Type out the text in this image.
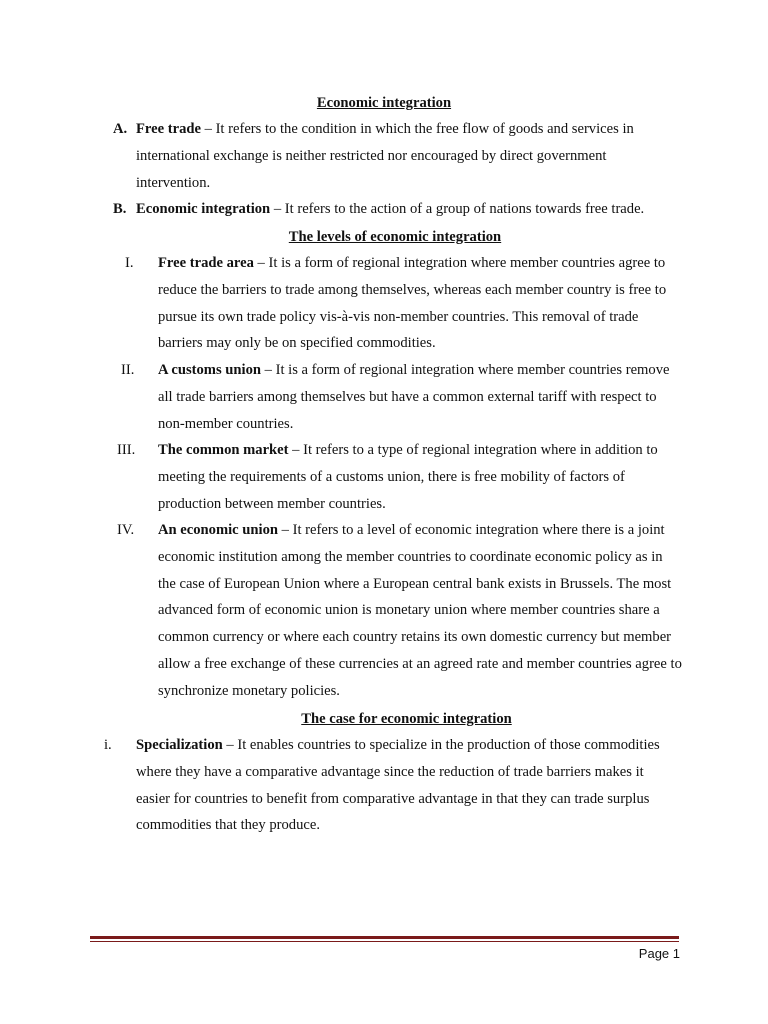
Economic integration
A. Free trade – It refers to the condition in which the free flow of goods and services in international exchange is neither restricted nor encouraged by direct government intervention.

B. Economic integration – It refers to the action of a group of nations towards free trade.

The levels of economic integration
I. Free trade area – It is a form of regional integration where member countries agree to reduce the barriers to trade among themselves, whereas each member country is free to pursue its own trade policy vis-à-vis non-member countries. This removal of trade barriers may only be on specified commodities.

II. A customs union – It is a form of regional integration where member countries remove all trade barriers among themselves but have a common external tariff with respect to non-member countries.

III. The common market – It refers to a type of regional integration where in addition to meeting the requirements of a customs union, there is free mobility of factors of production between member countries.

IV. An economic union – It refers to a level of economic integration where there is a joint economic institution among the member countries to coordinate economic policy as in the case of European Union where a European central bank exists in Brussels. The most advanced form of economic union is monetary union where member countries share a common currency or where each country retains its own domestic currency but member allow a free exchange of these currencies at an agreed rate and member countries agree to synchronize monetary policies.

The case for economic integration
i. Specialization – It enables countries to specialize in the production of those commodities where they have a comparative advantage since the reduction of trade barriers makes it easier for countries to benefit from comparative advantage in that they can trade surplus commodities that they produce.

Page 1
